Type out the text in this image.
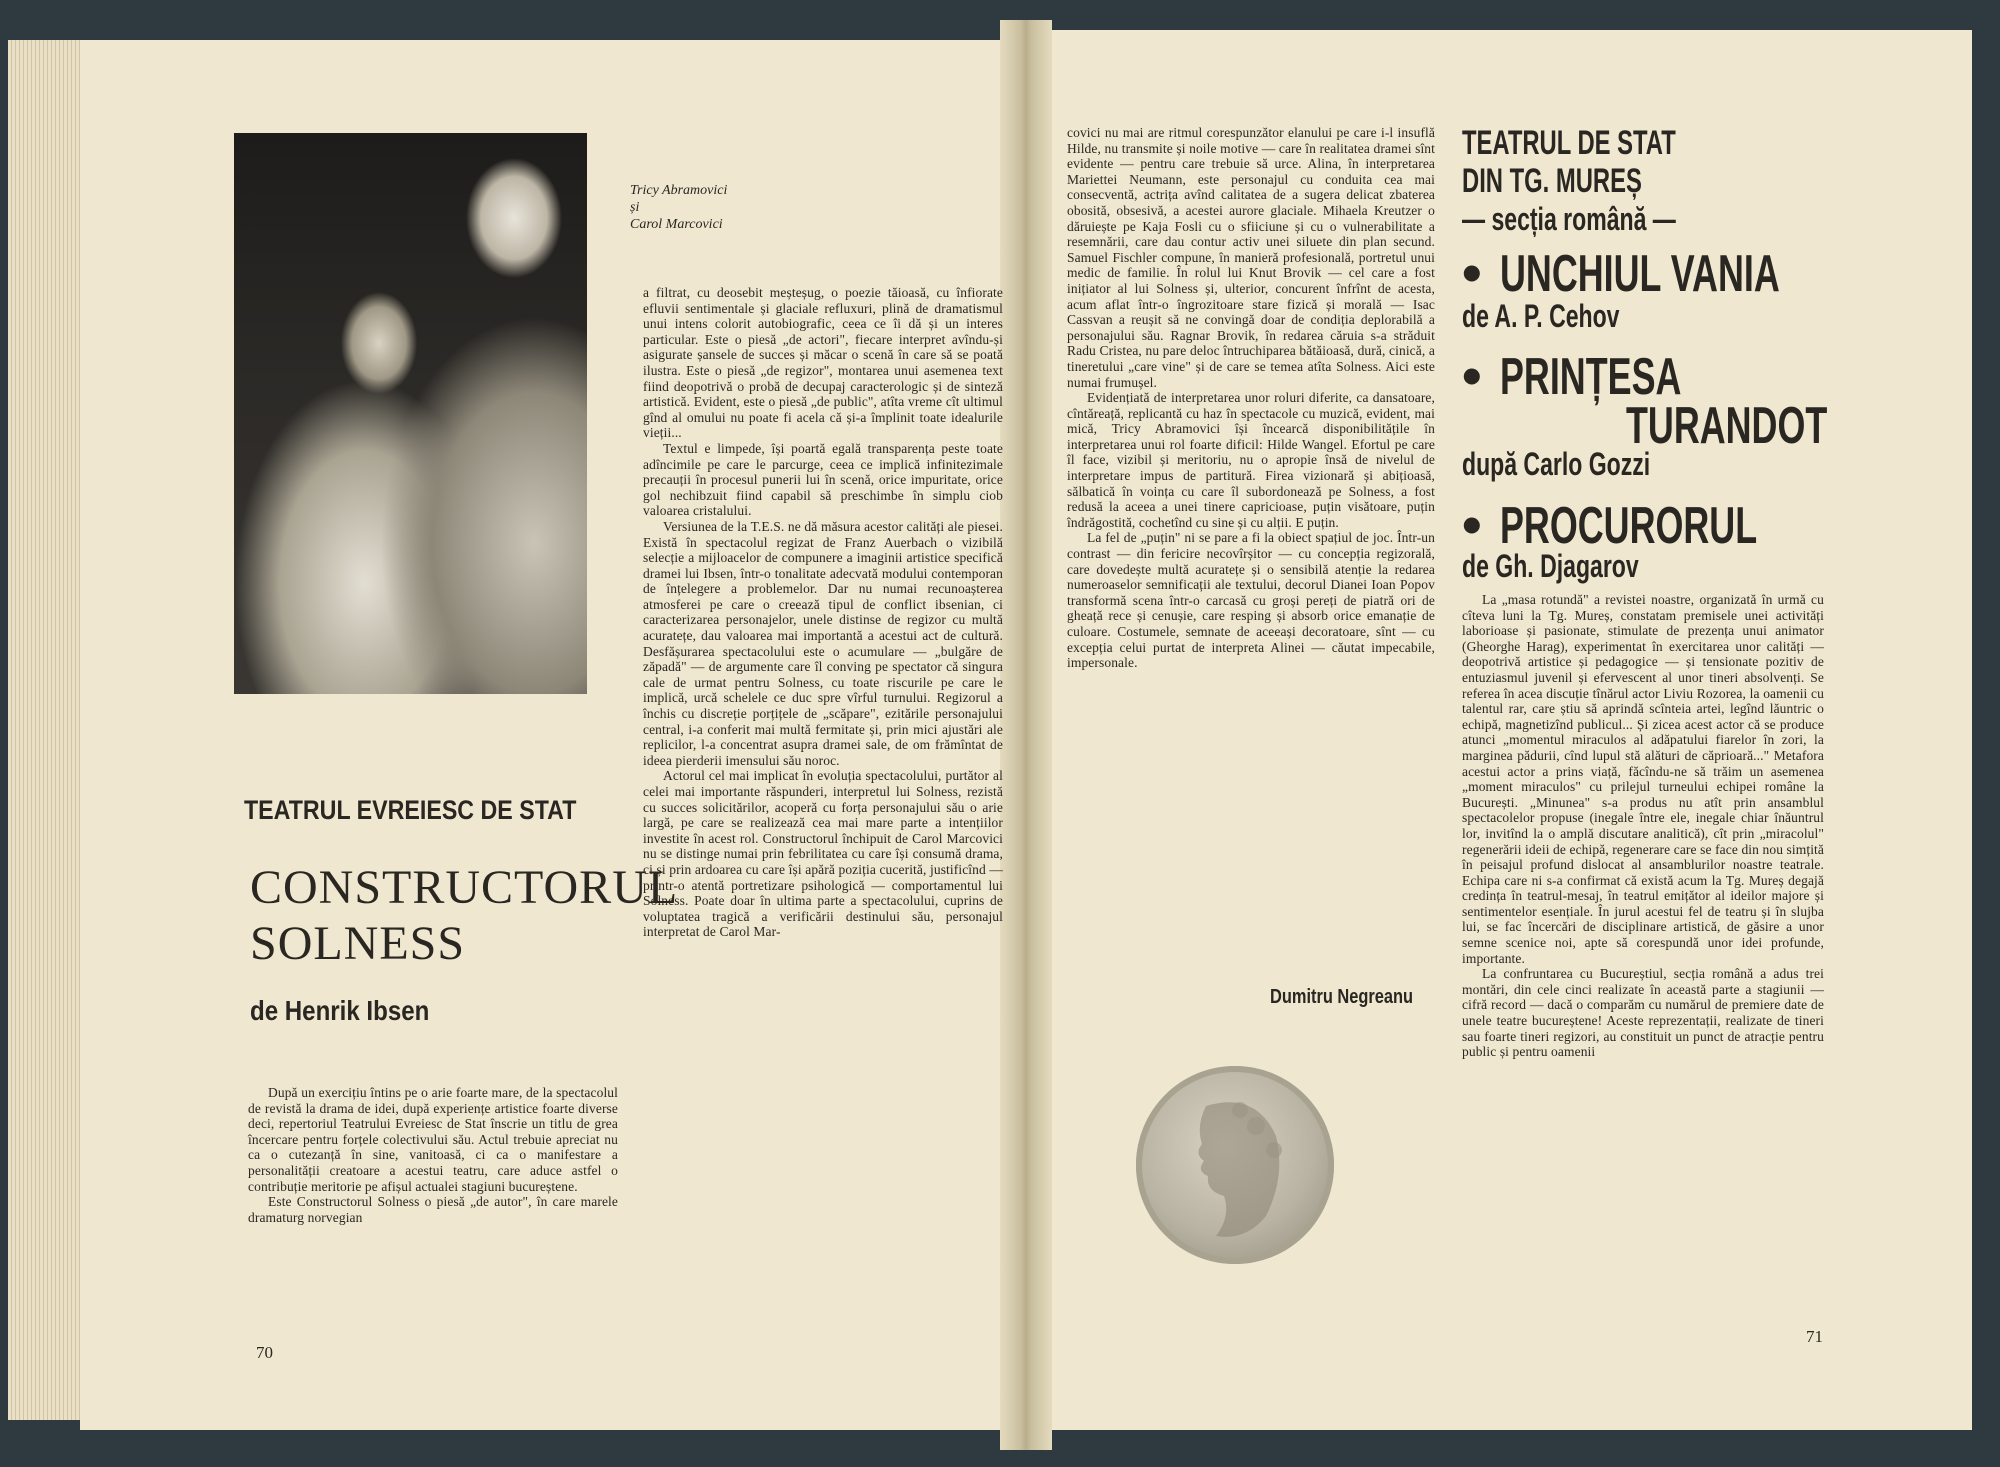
Tricy Abramovici
și
Carol Marcovici
TEATRUL EVREIESC DE STAT
CONSTRUCTORUL
SOLNESS
de Henrik Ibsen

După un exercițiu întins pe o arie foarte mare, de la spectacolul de revistă la drama de idei, după experiențe artistice foarte diverse deci, repertoriul Teatrului Evreiesc de Stat înscrie un titlu de grea încercare pentru forțele colectivului său. Actul trebuie apreciat nu ca o cutezanță în sine, vanitoasă, ci ca o manifestare a personalității creatoare a acestui teatru, care aduce astfel o contribuție meritorie pe afișul actualei stagiuni bucureștene.

Este Constructorul Solness o piesă „de autor", în care marele dramaturg norvegian

a filtrat, cu deosebit meșteșug, o poezie tăioasă, cu înfiorate efluvii sentimentale și glaciale refluxuri, plină de dramatismul unui intens colorit autobiografic, ceea ce îi dă și un interes particular. Este o piesă „de actori", fiecare interpret avîndu-și asigurate șansele de succes și măcar o scenă în care să se poată ilustra. Este o piesă „de regizor", montarea unui asemenea text fiind deopotrivă o probă de decupaj caracterologic și de sinteză artistică. Evident, este o piesă „de public", atîta vreme cît ultimul gînd al omului nu poate fi acela că și-a împlinit toate idealurile vieții...

Textul e limpede, își poartă egală transparența peste toate adîncimile pe care le parcurge, ceea ce implică infinitezimale precauții în procesul punerii lui în scenă, orice impuritate, orice gol nechibzuit fiind capabil să preschimbe în simplu ciob valoarea cristalului.

Versiunea de la T.E.S. ne dă măsura acestor calități ale piesei. Există în spectacolul regizat de Franz Auerbach o vizibilă selecție a mijloacelor de compunere a imaginii artistice specifică dramei lui Ibsen, într-o tonalitate adecvată modului contemporan de înțelegere a problemelor. Dar nu numai recunoașterea atmosferei pe care o creează tipul de conflict ibsenian, ci caracterizarea personajelor, unele distinse de regizor cu multă acuratețe, dau valoarea mai importantă a acestui act de cultură. Desfășurarea spectacolului este o acumulare — „bulgăre de zăpadă" — de argumente care îl conving pe spectator că singura cale de urmat pentru Solness, cu toate riscurile pe care le implică, urcă schelele ce duc spre vîrful turnului. Regizorul a închis cu discreție porțițele de „scăpare", ezitările personajului central, i-a conferit mai multă fermitate și, prin mici ajustări ale replicilor, l-a concentrat asupra dramei sale, de om frămîntat de ideea pierderii imensului său noroc.

Actorul cel mai implicat în evoluția spectacolului, purtător al celei mai importante răspunderi, interpretul lui Solness, rezistă cu succes solicitărilor, acoperă cu forța personajului său o arie largă, pe care se realizează cea mai mare parte a intențiilor investite în acest rol. Constructorul închipuit de Carol Marcovici nu se distinge numai prin febrilitatea cu care își consumă drama, ci și prin ardoarea cu care își apără poziția cucerită, justificînd — printr-o atentă portretizare psihologică — comportamentul lui Solness. Poate doar în ultima parte a spectacolului, cuprins de voluptatea tragică a verificării destinului său, personajul interpretat de Carol Mar-

70

covici nu mai are ritmul corespunzător elanului pe care i-l insuflă Hilde, nu transmite și noile motive — care în realitatea dramei sînt evidente — pentru care trebuie să urce. Alina, în interpretarea Mariettei Neumann, este personajul cu conduita cea mai consecventă, actrița avînd calitatea de a sugera delicat zbaterea obosită, obsesivă, a acestei aurore glaciale. Mihaela Kreutzer o dăruiește pe Kaja Fosli cu o sfiiciune și cu o vulnerabilitate a resemnării, care dau contur activ unei siluete din plan secund. Samuel Fischler compune, în manieră profesională, portretul unui medic de familie. În rolul lui Knut Brovik — cel care a fost inițiator al lui Solness și, ulterior, concurent înfrînt de acesta, acum aflat într-o îngrozitoare stare fizică și morală — Isac Cassvan a reușit să ne convingă doar de condiția deplorabilă a personajului său. Ragnar Brovik, în redarea căruia s-a străduit Radu Cristea, nu pare deloc întruchiparea bătăioasă, dură, cinică, a tineretului „care vine" și de care se temea atîta Solness. Aici este numai frumușel.

Evidențiată de interpretarea unor roluri diferite, ca dansatoare, cîntăreață, replicantă cu haz în spectacole cu muzică, evident, mai mică, Tricy Abramovici își încearcă disponibilitățile în interpretarea unui rol foarte dificil: Hilde Wangel. Efortul pe care îl face, vizibil și meritoriu, nu o apropie însă de nivelul de interpretare impus de partitură. Firea vizionară și abițioasă, sălbatică în voința cu care îl subordonează pe Solness, a fost redusă la aceea a unei tinere capricioase, puțin visătoare, puțin îndrăgostită, cochetînd cu sine și cu alții. E puțin.

La fel de „puțin" ni se pare a fi la obiect spațiul de joc. Într-un contrast — din fericire necovîrșitor — cu concepția regizorală, care dovedește multă acuratețe și o sensibilă atenție la redarea numeroaselor semnificații ale textului, decorul Dianei Ioan Popov transformă scena într-o carcasă cu groși pereți de piatră ori de gheață rece și cenușie, care resping și absorb orice emanație de culoare. Costumele, semnate de aceeași decoratoare, sînt — cu excepția celui purtat de interpreta Alinei — căutat impecabile, impersonale.

Dumitru Negreanu
TEATRUL DE STAT
DIN TG. MUREȘ
— secția română —
• UNCHIUL VANIA
de A. P. Cehov
• PRINȚESA
TURANDOT
după Carlo Gozzi
• PROCURORUL
de Gh. Djagarov

La „masa rotundă" a revistei noastre, organizată în urmă cu cîteva luni la Tg. Mureș, constatam premisele unei activități laborioase și pasionate, stimulate de prezența unui animator (Gheorghe Harag), experimentat în exercitarea unor calități — deopotrivă artistice și pedagogice — și tensionate pozitiv de entuziasmul juvenil și efervescent al unor tineri absolvenți. Se referea în acea discuție tînărul actor Liviu Rozorea, la oamenii cu talentul rar, care știu să aprindă scînteia artei, legînd lăuntric o echipă, magnetizînd publicul... Și zicea acest actor că se produce atunci „momentul miraculos al adăpatului fiarelor în zori, la marginea pădurii, cînd lupul stă alături de căprioară..." Metafora acestui actor a prins viață, făcîndu-ne să trăim un asemenea „moment miraculos" cu prilejul turneului echipei române la București. „Minunea" s-a produs nu atît prin ansamblul spectacolelor propuse (inegale între ele, inegale chiar înăuntrul lor, invitînd la o amplă discutare analitică), cît prin „miracolul" regenerării ideii de echipă, regenerare care se face din nou simțită în peisajul profund dislocat al ansamblurilor noastre teatrale. Echipa care ni s-a confirmat că există acum la Tg. Mureș degajă credința în teatrul-mesaj, în teatrul emițător al ideilor majore și sentimentelor esențiale. În jurul acestui fel de teatru și în slujba lui, se fac încercări de disciplinare artistică, de găsire a unor semne scenice noi, apte să corespundă unor idei profunde, importante.

La confruntarea cu Bucureștiul, secția română a adus trei montări, din cele cinci realizate în această parte a stagiunii — cifră record — dacă o comparăm cu numărul de premiere date de unele teatre bucureștene! Aceste reprezentații, realizate de tineri sau foarte tineri regizori, au constituit un punct de atracție pentru public și pentru oamenii

71
